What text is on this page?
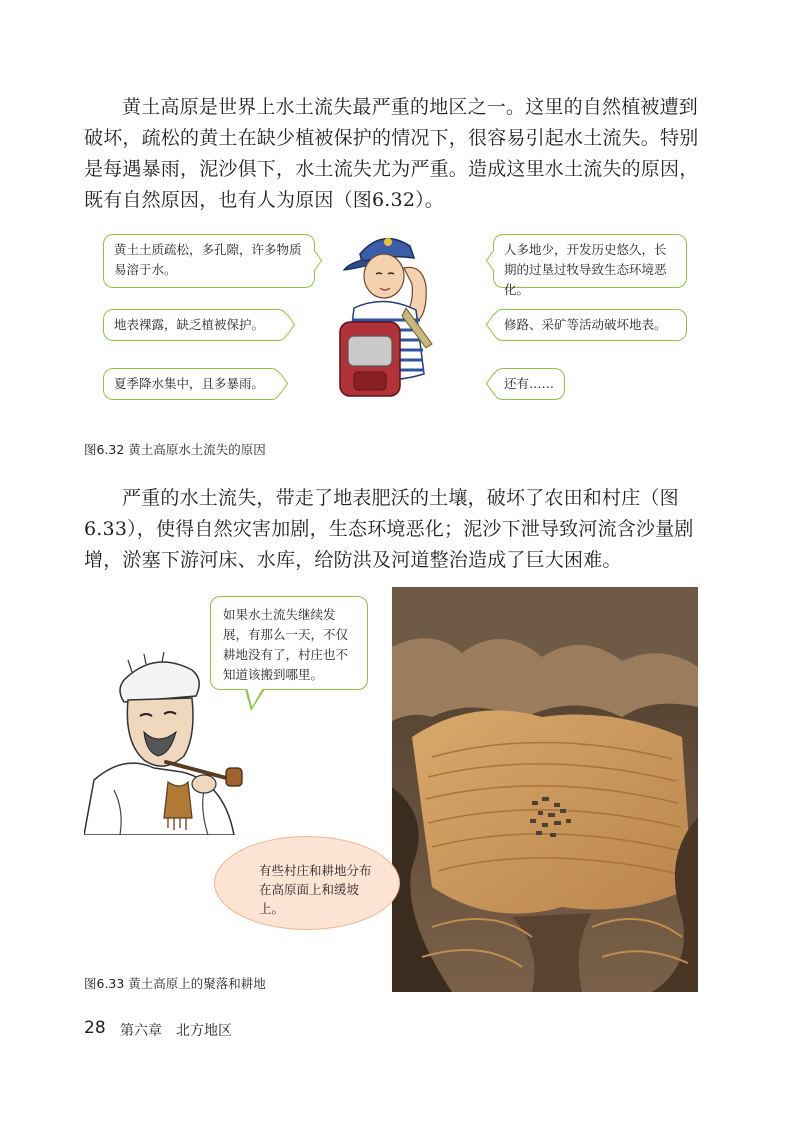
黄土高原是世界上水土流失最严重的地区之一。这里的自然植被遭到破坏，疏松的黄土在缺少植被保护的情况下，很容易引起水土流失。特别是每遇暴雨，泥沙俱下，水土流失尤为严重。造成这里水土流失的原因，既有自然原因，也有人为原因（图6.32）。

黄土土质疏松，多孔隙，许多物质易溶于水。
地表裸露，缺乏植被保护。
夏季降水集中，且多暴雨。
人多地少，开发历史悠久，长期的过垦过牧导致生态环境恶化。
修路、采矿等活动破坏地表。
还有……
图6.32 黄土高原水土流失的原因

严重的水土流失，带走了地表肥沃的土壤，破坏了农田和村庄（图6.33），使得自然灾害加剧，生态环境恶化；泥沙下泄导致河流含沙量剧增，淤塞下游河床、水库，给防洪及河道整治造成了巨大困难。

如果水土流失继续发展，有那么一天，不仅耕地没有了，村庄也不知道该搬到哪里。
有些村庄和耕地分布在高原面上和缓坡上。
图6.33 黄土高原上的聚落和耕地
28 第六章　北方地区
